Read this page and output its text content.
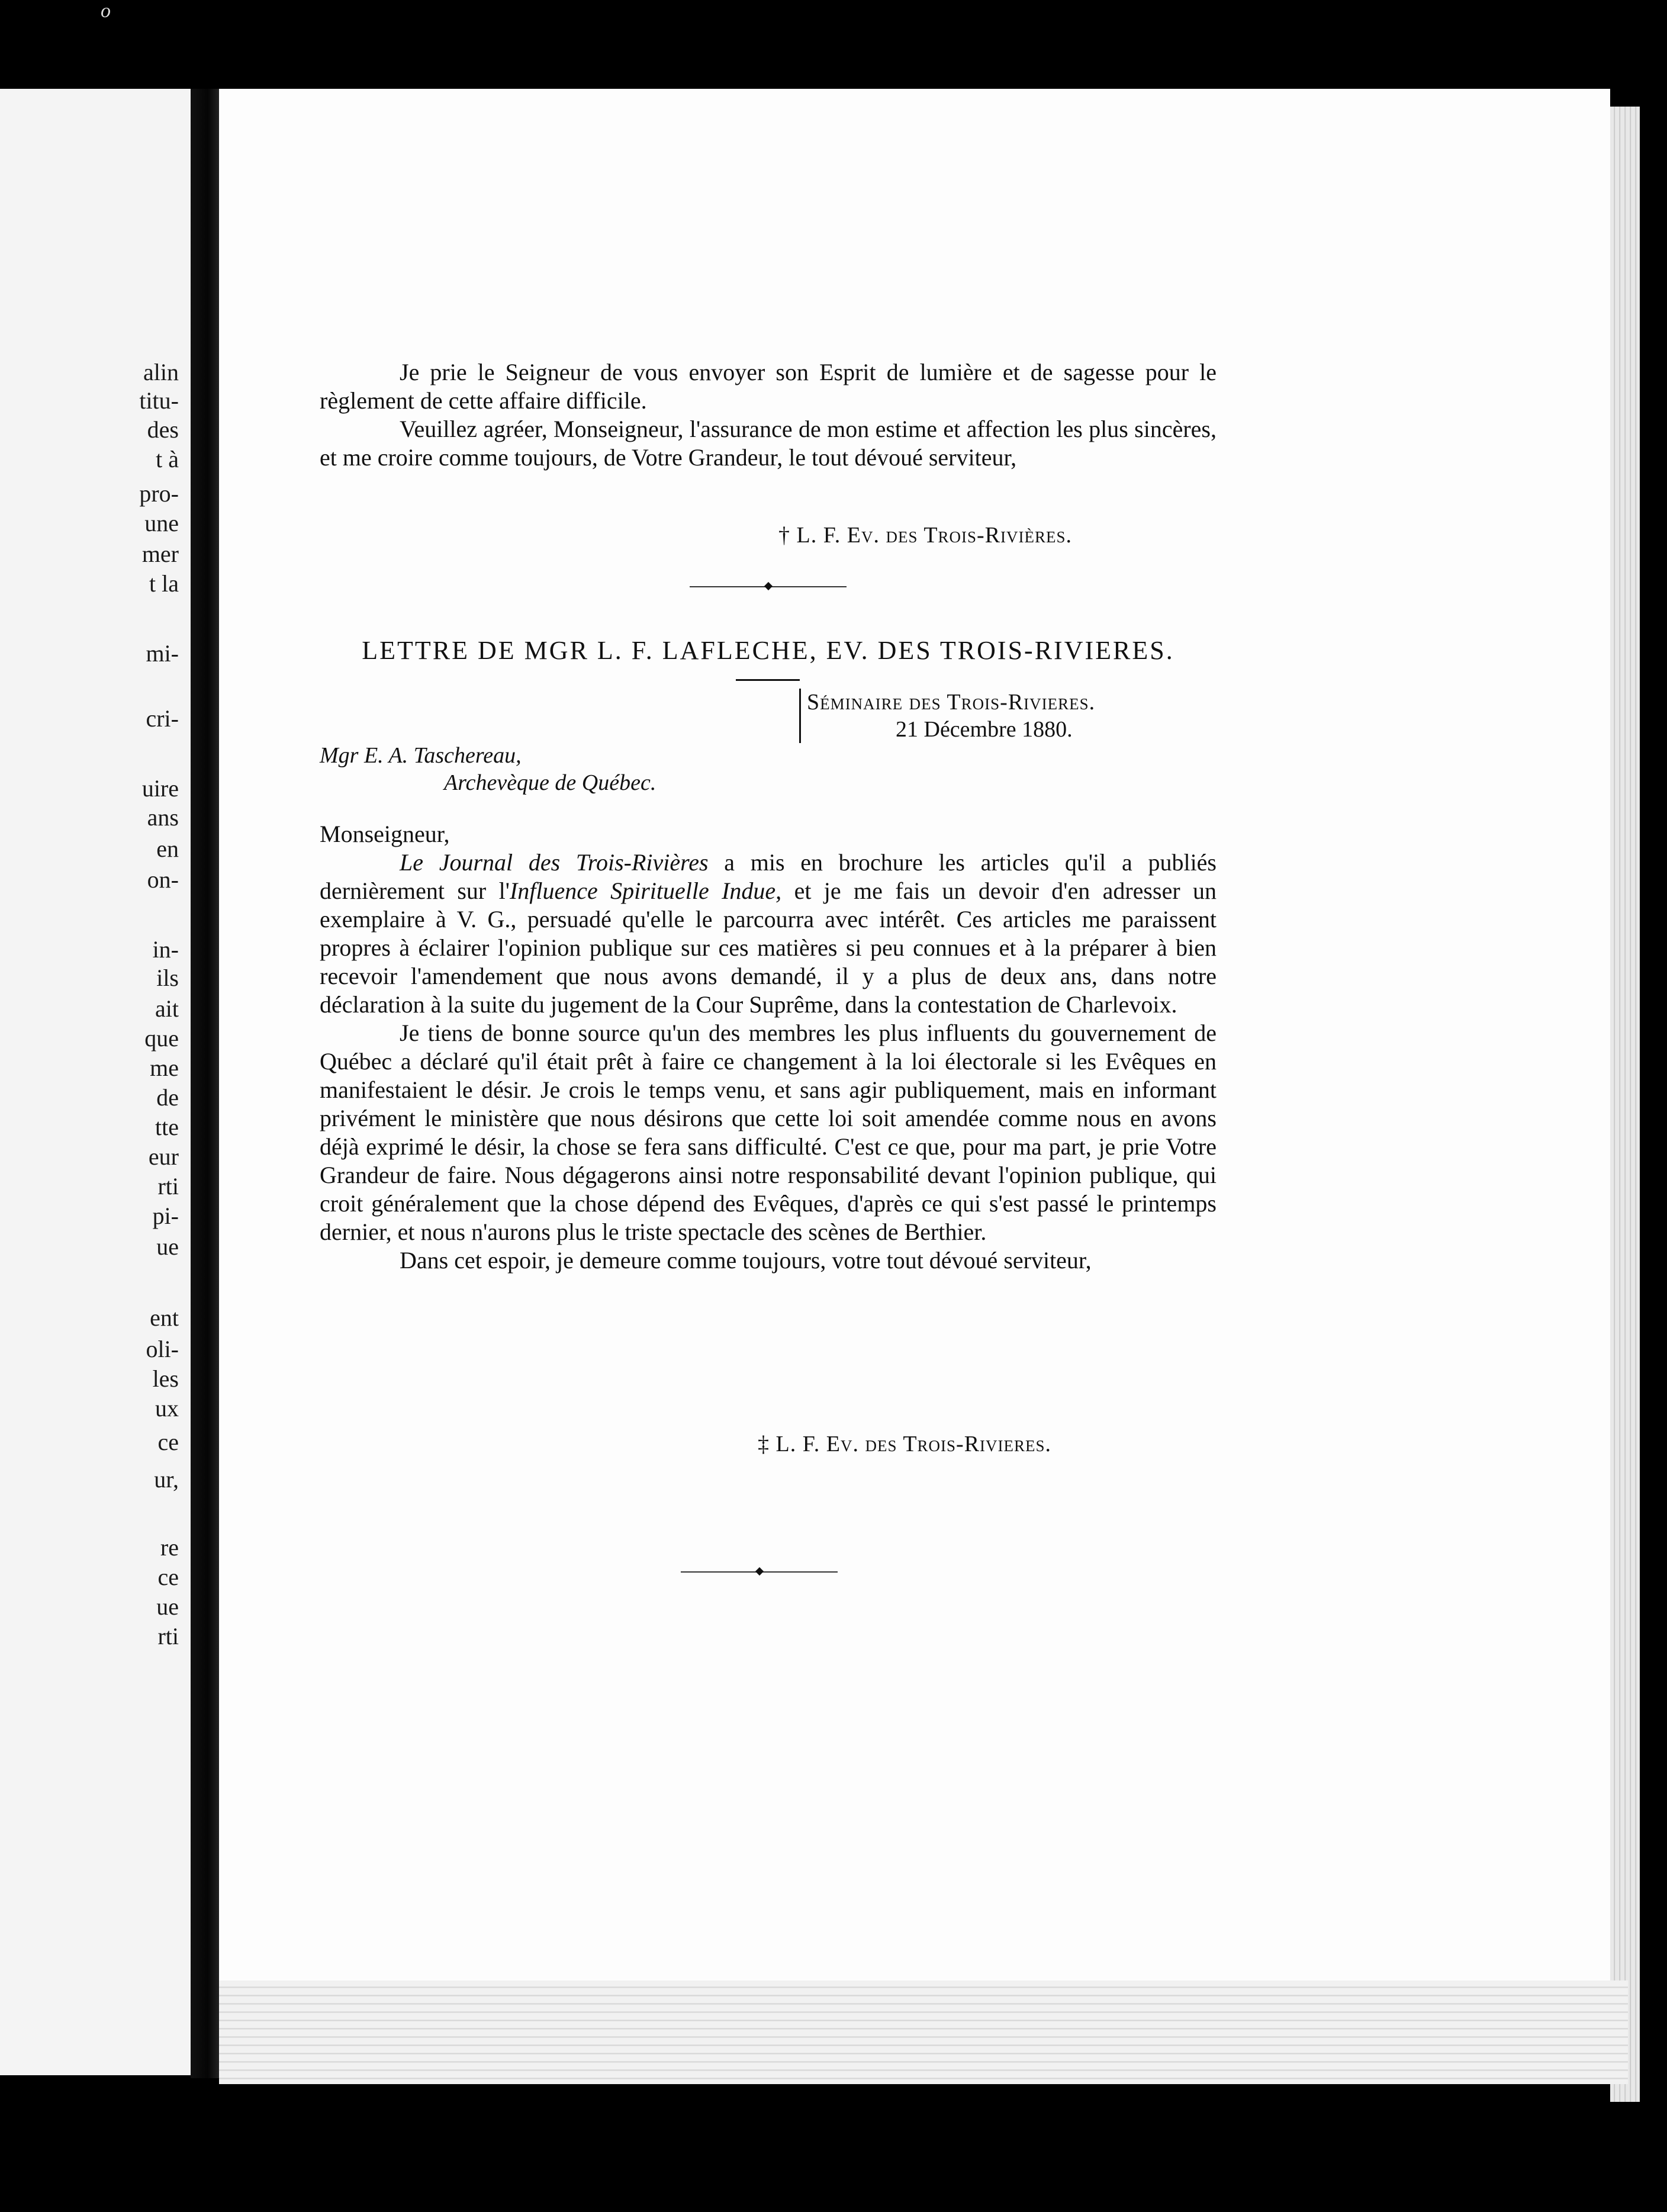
o
alin
titu-
des
t à
pro-
une
mer
t la
mi-
cri-
uire
ans
en
on-
in-
ils
ait
que
me
de
tte
eur
rti
pi-
ue
ent
oli-
les
ux
ce
ur,
re
ce
ue
rti

Je prie le Seigneur de vous envoyer son Esprit de lumière et de sagesse pour le règlement de cette affaire difficile.

Veuillez agréer, Monseigneur, l'assurance de mon estime et affection les plus sincères, et me croire comme toujours, de Votre Grandeur, le tout dévoué serviteur,

† L. F. Ev. des Trois-Rivières.
LETTRE DE MGR L. F. LAFLECHE, EV. DES TROIS-RIVIERES.
Séminaire des Trois-Rivieres.
21 Décembre 1880.
Mgr E. A. Taschereau,
Archevèque de Québec.
Monseigneur,

Le Journal des Trois-Rivières a mis en brochure les articles qu'il a publiés dernièrement sur l'Influence Spirituelle Indue, et je me fais un devoir d'en adresser un exemplaire à V. G., persuadé qu'elle le parcourra avec intérêt. Ces articles me paraissent propres à éclairer l'opinion publique sur ces matières si peu connues et à la préparer à bien recevoir l'amendement que nous avons demandé, il y a plus de deux ans, dans notre déclaration à la suite du jugement de la Cour Suprême, dans la contestation de Charlevoix.

Je tiens de bonne source qu'un des membres les plus influents du gouvernement de Québec a déclaré qu'il était prêt à faire ce changement à la loi électorale si les Evêques en manifestaient le désir. Je crois le temps venu, et sans agir publiquement, mais en informant privément le ministère que nous désirons que cette loi soit amendée comme nous en avons déjà exprimé le désir, la chose se fera sans difficulté. C'est ce que, pour ma part, je prie Votre Grandeur de faire. Nous dégagerons ainsi notre responsabilité devant l'opinion publique, qui croit généralement que la chose dépend des Evêques, d'après ce qui s'est passé le printemps dernier, et nous n'aurons plus le triste spectacle des scènes de Berthier.

Dans cet espoir, je demeure comme toujours, votre tout dévoué serviteur,

‡ L. F. Ev. des Trois-Rivieres.
